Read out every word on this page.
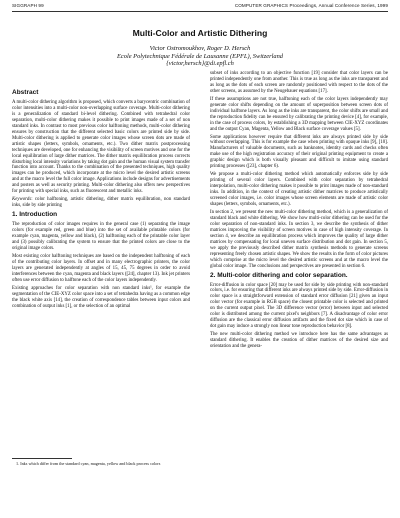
SIGGRAPH 99	COMPUTER GRAPHICS Proceedings, Annual Conference Series, 1999
Multi-Color and Artistic Dithering
Victor Ostromoukhov, Roger D. Hersch
Ecole Polytechnique Fédérale de Lausanne (EPFL), Switzerland
{victor,hersch}@di.epfl.ch
Abstract

A multi-color dithering algorithm is proposed, which converts a barycentric combination of color intensities into a multi-color non-overlapping surface coverage. Multi-color dithering is a generalization of standard bi-level dithering. Combined with tetrahedral color separation, multi-color dithering makes it possible to print images made of a set of non standard inks. In contrast to most previous color halftoning methods, multi-color dithering ensures by construction that the different selected basic colors are printed side by side. Multi-color dithering is applied to generate color images whose screen dots are made of artistic shapes (letters, symbols, ornaments, etc.). Two dither matrix postprocessing techniques are developed, one for enhancing the visibility of screen motives and one for the local equilibration of large dither matrices. The dither matrix equilibration process corrects disturbing local intensity variations by taking dot gain and the human visual system transfer function into account. Thanks to the combination of the presented techniques, high quality images can be produced, which incorporate at the micro level the desired artistic screens and at the macro level the full color image. Applications include designs for advertisements and posters as well as security printing. Multi-color dithering also offers new perspectives for printing with special inks, such as fluorescent and metallic inks.

Keywords: color halftoning, artistic dithering, dither matrix equilibration, non standard inks, side by side printing

1. Introduction

The reproduction of color images requires in the general case (1) separating the image colors (for example red, green and blue) into the set of available printable colors (for example cyan, magenta, yellow and black), (2) halftoning each of the printable color layer and (3) possibly calibrating the system to ensure that the printed colors are close to the original image colors.

Most existing color halftoning techniques are based on the independent halftoning of each of the contributing color layers. In offset and in many electrographic printers, the color layers are generated independently at angles of 15, 45, 75 degrees in order to avoid interferences between the cyan, magenta and black layers ([24], chapter 13). Ink jet printers often use error diffusion to halftone each of the color layers independently.

Existing approaches for color separation with non standard inks¹, for example the segmentation of the CIE-XYZ color space into a set of tetrahedra having as a common edge the black white axis [14], the creation of correspondence tables between input colors and combination of output inks [1], or the selection of an optimal

subset of inks according to an objective function [19] consider that color layers can be printed independently one from another. This is true as long as the inks are transparent and as long as the dots of each screen are randomly positioned with respect to the dots of the other screens, as assumed by the Neugebauer equations [17].

If these assumptions are not true, halftoning each of the color layers independently may generate color shifts depending on the amount of superposition between screen dots of individual halftone layers. As long as the inks are transparent, the color shifts are small and the reproduction fidelity can be ensured by calibrating the printing device [4], for example, in the case of process colors, by establishing a 3D mapping between CIE-XYZ coordinates and the output Cyan, Magenta, Yellow and Black surface coverage values [5].

Some applications however require that different inks are always printed side by side without overlapping. This is for example the case when printing with opaque inks [9], [10]. Manufacturers of valuable documents, such as banknotes, identity cards and checks often make use of the high registration accuracy of their original printing equipment to create a graphic design which is both visually pleasant and difficult to imitate using standard printing processes ([23], chapter 6).

We propose a multi-color dithering method which automatically enforces side by side printing of several color layers. Combined with color separation by tetrahedral interpolation, multi-color dithering makes it possible to print images made of non-standard inks. In addition, in the context of creating artistic dither matrices to produce artistically screened color images, i.e. color images whose screen elements are made of artistic color shapes (letters, symbols, ornaments, etc.).

In section 2, we present the new multi-color dithering method, which is a generalization of standard black and white dithering. We show how multi-color dithering can be used for the color separation of non-standard inks. In section 3, we describe the synthesis of dither matrices improving the visibility of screen motives in case of high intensity coverage. In section 4, we describe an equilibration process which improves the quality of large dither matrices by compensating for local uneven surface distribution and dot gain. In section 5, we apply the previously described dither matrix synthesis methods to generate screens representing freely chosen artistic shapes. We show the results in the form of color pictures which comprise at the micro level the desired artistic screens and at the macro level the global color image. The conclusions and perspectives are presented in section 6.

2. Multi-color dithering and color separation.

Error-diffusion in color space [20] may be used for side by side printing with non-standard colors, i.e. for ensuring that different inks are always printed side by side. Error-diffusion in color space is a straightforward extension of standard error diffusion [21] given an input color vector (for example in RGB space) the closest printable color is selected and printed on the current output pixel. The 3D difference vector (error) between input and selected color is distributed among the current pixel's neighbors [7]. A disadvantage of color error diffusion are the classical error diffusion artifacts and the fixed dot size which in case of dot gain may induce a strongly non linear tone reproduction behavior [8].

The new multi-color dithering method we introduce here has the same advantages as standard dithering. It enables the creation of dither matrices of the desired size and orientation and the genera-

1. Inks which differ from the standard cyan, magenta, yellow and black process colors
